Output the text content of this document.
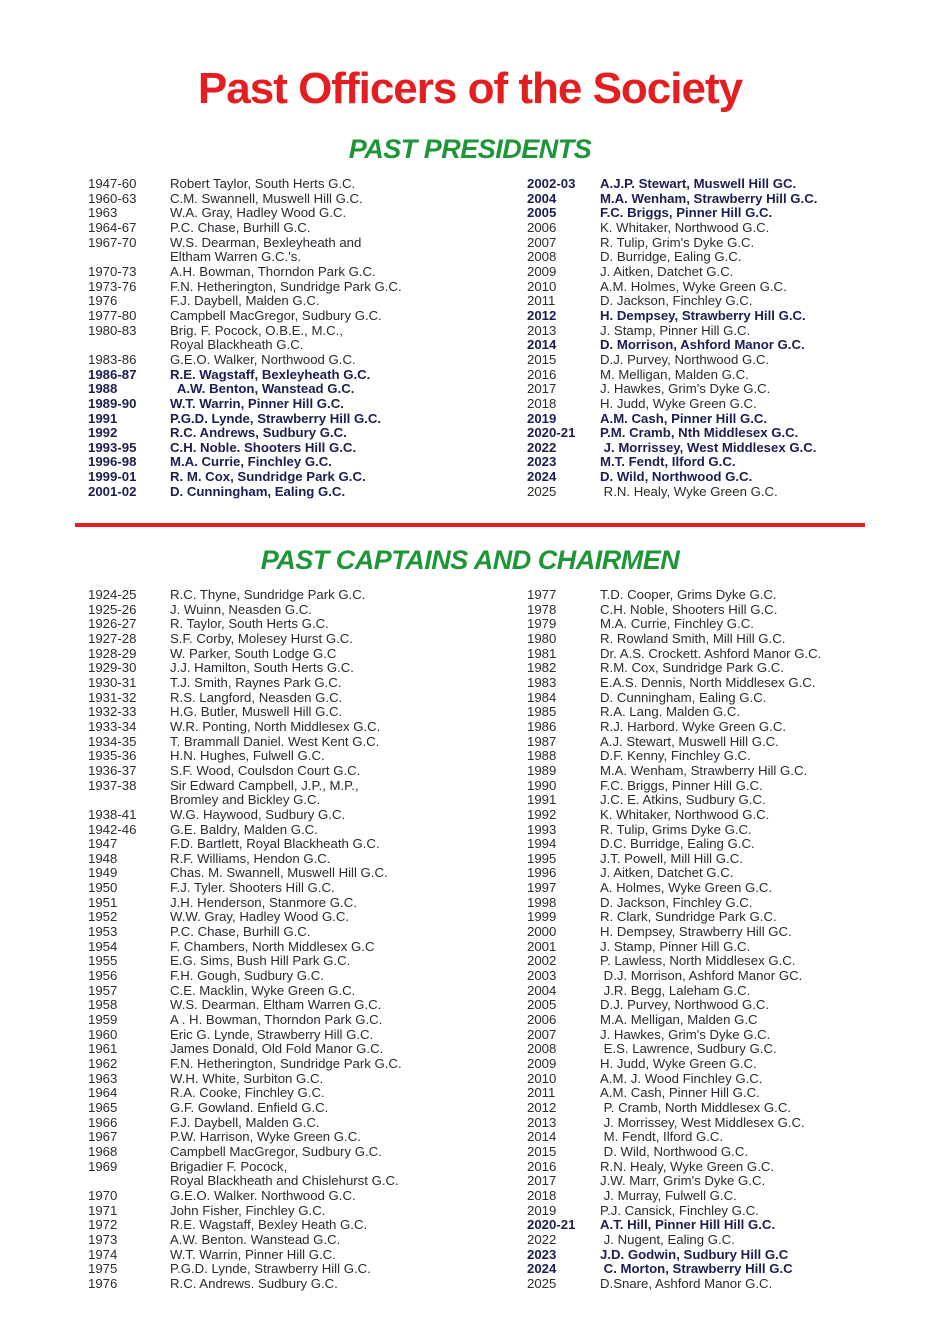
Past Officers of the Society
PAST PRESIDENTS
1947-60	Robert Taylor, South Herts G.C.
1960-63	C.M. Swannell, Muswell Hill G.C.
1963	W.A. Gray, Hadley Wood G.C.
1964-67	P.C. Chase, Burhill G.C.
1967-70	W.S. Dearman, Bexleyheath and
Eltham Warren G.C.'s.
1970-73	A.H. Bowman, Thorndon Park G.C.
1973-76	F.N. Hetherington, Sundridge Park G.C.
1976	F.J. Daybell, Malden G.C.
1977-80	Campbell MacGregor, Sudbury G.C.
1980-83	Brig. F. Pocock, O.B.E., M.C.,
Royal Blackheath G.C.
1983-86	G.E.O. Walker, Northwood G.C.
1986-87	R.E. Wagstaff, Bexleyheath G.C.
1988	A.W. Benton, Wanstead G.C.
1989-90	W.T. Warrin, Pinner Hill G.C.
1991	P.G.D. Lynde, Strawberry Hill G.C.
1992	R.C. Andrews, Sudbury G.C.
1993-95	C.H. Noble. Shooters Hill G.C.
1996-98	M.A. Currie, Finchley G.C.
1999-01	R. M. Cox, Sundridge Park G.C.
2001-02	D. Cunningham, Ealing G.C.
2002-03	A.J.P. Stewart, Muswell Hill GC.
2004	M.A. Wenham, Strawberry Hill G.C.
2005	F.C. Briggs, Pinner Hill G.C.
2006	K. Whitaker, Northwood G.C.
2007	R. Tulip, Grim's Dyke G.C.
2008	D. Burridge, Ealing G.C.
2009	J. Aitken, Datchet G.C.
2010	A.M. Holmes, Wyke Green G.C.
2011	D. Jackson, Finchley G.C.
2012	H. Dempsey, Strawberry Hill G.C.
2013	J. Stamp, Pinner Hill G.C.
2014	D. Morrison, Ashford Manor G.C.
2015	D.J. Purvey, Northwood G.C.
2016	M. Melligan, Malden G.C.
2017	J. Hawkes, Grim's Dyke G.C.
2018	H. Judd, Wyke Green G.C.
2019	A.M. Cash, Pinner Hill G.C.
2020-21	P.M. Cramb, Nth Middlesex G.C.
2022	J. Morrissey, West Middlesex G.C.
2023	M.T. Fendt, Ilford G.C.
2024	D. Wild, Northwood G.C.
2025	R.N. Healy, Wyke Green G.C.
PAST CAPTAINS AND CHAIRMEN
1924-25	R.C. Thyne, Sundridge Park G.C.
1925-26	J. Wuinn, Neasden G.C.
1926-27	R. Taylor, South Herts G.C.
1927-28	S.F. Corby, Molesey Hurst G.C.
1928-29	W. Parker, South Lodge G.C
1929-30	J.J. Hamilton, South Herts G.C.
1930-31	T.J. Smith, Raynes Park G.C.
1931-32	R.S. Langford, Neasden G.C.
1932-33	H.G. Butler, Muswell Hill G.C.
1933-34	W.R. Ponting, North Middlesex G.C.
1934-35	T. Brammall Daniel. West Kent G.C.
1935-36	H.N. Hughes, Fulwell G.C.
1936-37	S.F. Wood, Coulsdon Court G.C.
1937-38	Sir Edward Campbell, J.P., M.P.,
Bromley and Bickley G.C.
1938-41	W.G. Haywood, Sudbury G.C.
1942-46	G.E. Baldry, Malden G.C.
1947	F.D. Bartlett, Royal Blackheath G.C.
1948	R.F. Williams, Hendon G.C.
1949	Chas. M. Swannell, Muswell Hill G.C.
1950	F.J. Tyler. Shooters Hill G.C.
1951	J.H. Henderson, Stanmore G.C.
1952	W.W. Gray, Hadley Wood G.C.
1953	P.C. Chase, Burhill G.C.
1954	F. Chambers, North Middlesex G.C
1955	E.G. Sims, Bush Hill Park G.C.
1956	F.H. Gough, Sudbury G.C.
1957	C.E. Macklin, Wyke Green G.C.
1958	W.S. Dearman. Eltham Warren G.C.
1959	A . H. Bowman, Thorndon Park G.C.
1960	Eric G. Lynde, Strawberry Hill G.C.
1961	James Donald, Old Fold Manor G.C.
1962	F.N. Hetherington, Sundridge Park G.C.
1963	W.H. White, Surbiton G.C.
1964	R.A. Cooke, Finchley G.C.
1965	G.F. Gowland. Enfield G.C.
1966	F.J. Daybell, Malden G.C.
1967	P.W. Harrison, Wyke Green G.C.
1968	Campbell MacGregor, Sudbury G.C.
1969	Brigadier F. Pocock,
Royal Blackheath and Chislehurst G.C.
1970	G.E.O. Walker. Northwood G.C.
1971	John Fisher, Finchley G.C.
1972	R.E. Wagstaff, Bexley Heath G.C.
1973	A.W. Benton. Wanstead G.C.
1974	W.T. Warrin, Pinner Hill G.C.
1975	P.G.D. Lynde, Strawberry Hill G.C.
1976	R.C. Andrews. Sudbury G.C.
1977	T.D. Cooper, Grims Dyke G.C.
1978	C.H. Noble, Shooters Hill G.C.
1979	M.A. Currie, Finchley G.C.
1980	R. Rowland Smith, Mill Hill G.C.
1981	Dr. A.S. Crockett. Ashford Manor G.C.
1982	R.M. Cox, Sundridge Park G.C.
1983	E.A.S. Dennis, North Middlesex G.C.
1984	D. Cunningham, Ealing G.C.
1985	R.A. Lang. Malden G.C.
1986	R.J. Harbord. Wyke Green G.C.
1987	A.J. Stewart, Muswell Hill G.C.
1988	D.F. Kenny, Finchley G.C.
1989	M.A. Wenham, Strawberry Hill G.C.
1990	F.C. Briggs, Pinner Hill G.C.
1991	J.C. E. Atkins, Sudbury G.C.
1992	K. Whitaker, Northwood G.C.
1993	R. Tulip, Grims Dyke G.C.
1994	D.C. Burridge, Ealing G.C.
1995	J.T. Powell, Mill Hill G.C.
1996	J. Aitken, Datchet G.C.
1997	A. Holmes, Wyke Green G.C.
1998	D. Jackson, Finchley G.C.
1999	R. Clark, Sundridge Park G.C.
2000	H. Dempsey, Strawberry Hill GC.
2001	J. Stamp, Pinner Hill G.C.
2002	P. Lawless, North Middlesex G.C.
2003	D.J. Morrison, Ashford Manor GC.
2004	J.R. Begg, Laleham G.C.
2005	D.J. Purvey, Northwood G.C.
2006	M.A. Melligan, Malden G.C
2007	J. Hawkes, Grim's Dyke G.C.
2008	E.S. Lawrence, Sudbury G.C.
2009	H. Judd, Wyke Green G.C.
2010	A.M. J. Wood Finchley G.C.
2011	A.M. Cash, Pinner Hill G.C.
2012	P. Cramb, North Middlesex G.C.
2013	J. Morrissey, West Middlesex G.C.
2014	M. Fendt, Ilford G.C.
2015	D. Wild, Northwood G.C.
2016	R.N. Healy, Wyke Green G.C.
2017	J.W. Marr, Grim's Dyke G.C.
2018	J. Murray, Fulwell G.C.
2019	P.J. Cansick, Finchley G.C.
2020-21	A.T. Hill, Pinner Hill Hill G.C.
2022	J. Nugent, Ealing G.C.
2023	J.D. Godwin, Sudbury Hill G.C
2024	C. Morton, Strawberry Hill G.C
2025	D.Snare, Ashford Manor G.C.
